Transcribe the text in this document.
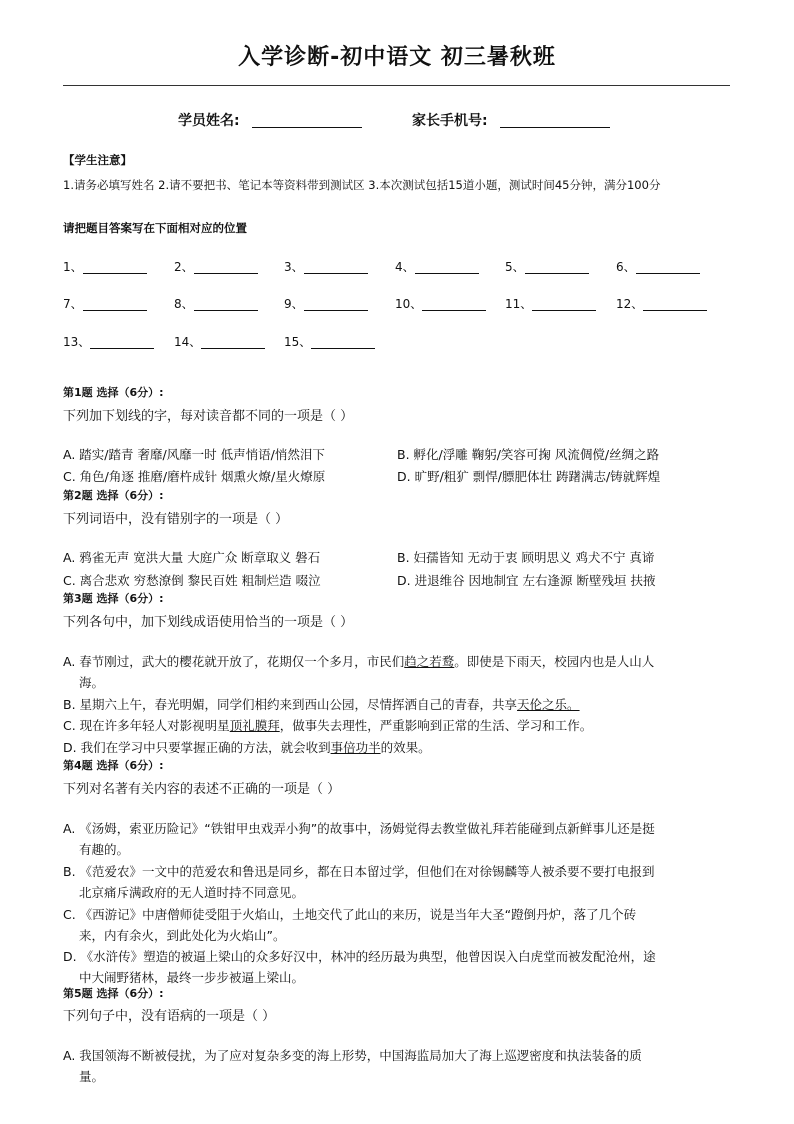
入学诊断-初中语文 初三暑秋班
学员姓名:	家长手机号:
【学生注意】
1.请务必填写姓名 2.请不要把书、笔记本等资料带到测试区 3.本次测试包括15道小题，测试时间45分钟，满分100分
请把题目答案写在下面相对应的位置
1、	2、	3、	4、	5、	6、
7、	8、	9、	10、	11、	12、
13、	14、	15、
第1题 选择（6分）:
下列加下划线的字，每对读音都不同的一项是（ ）
A. 踏实/踏青 奢靡/风靡一时 低声悄语/悄然泪下	B. 孵化/浮雕 鞠躬/笑容可掬 风流倜傥/丝绸之路
C. 角色/角逐 推磨/磨杵成针 烟熏火燎/星火燎原	D. 旷野/粗犷 剽悍/膘肥体壮 踌躇满志/铸就辉煌
第2题 选择（6分）:
下列词语中，没有错别字的一项是（ ）
A. 鸦雀无声 宽洪大量 大庭广众 断章取义 磐石	B. 妇孺皆知 无动于衷 顾明思义 鸡犬不宁 真谛
C. 离合悲欢 穷愁潦倒 黎民百姓 粗制烂造 啜泣	D. 进退维谷 因地制宜 左右逢源 断壁残垣 扶掖
第3题 选择（6分）:
下列各句中，加下划线成语使用恰当的一项是（ ）
A. 春节刚过，武大的樱花就开放了，花期仅一个多月，市民们趋之若鹜。即使是下雨天，校园内也是人山人
海。
B. 星期六上午，春光明媚，同学们相约来到西山公园，尽情挥洒自己的青春，共享天伦之乐。
C. 现在许多年轻人对影视明星顶礼膜拜，做事失去理性，严重影响到正常的生活、学习和工作。
D. 我们在学习中只要掌握正确的方法，就会收到事倍功半的效果。
第4题 选择（6分）:
下列对名著有关内容的表述不正确的一项是（ ）
A. 《汤姆，索亚历险记》“铁钳甲虫戏弄小狗”的故事中，汤姆觉得去教堂做礼拜若能碰到点新鲜事儿还是挺
有趣的。
B. 《范爱农》一文中的范爱农和鲁迅是同乡，都在日本留过学，但他们在对徐锡麟等人被杀要不要打电报到
北京痛斥满政府的无人道时持不同意见。
C. 《西游记》中唐僧师徒受阻于火焰山，土地交代了此山的来历，说是当年大圣“蹬倒丹炉，落了几个砖
来，内有余火，到此处化为火焰山”。
D. 《水浒传》塑造的被逼上梁山的众多好汉中，林冲的经历最为典型，他曾因误入白虎堂而被发配沧州，途
中大闹野猪林，最终一步步被逼上梁山。
第5题 选择（6分）:
下列句子中，没有语病的一项是（ ）
A. 我国领海不断被侵扰，为了应对复杂多变的海上形势，中国海监局加大了海上巡逻密度和执法装备的质
量。
